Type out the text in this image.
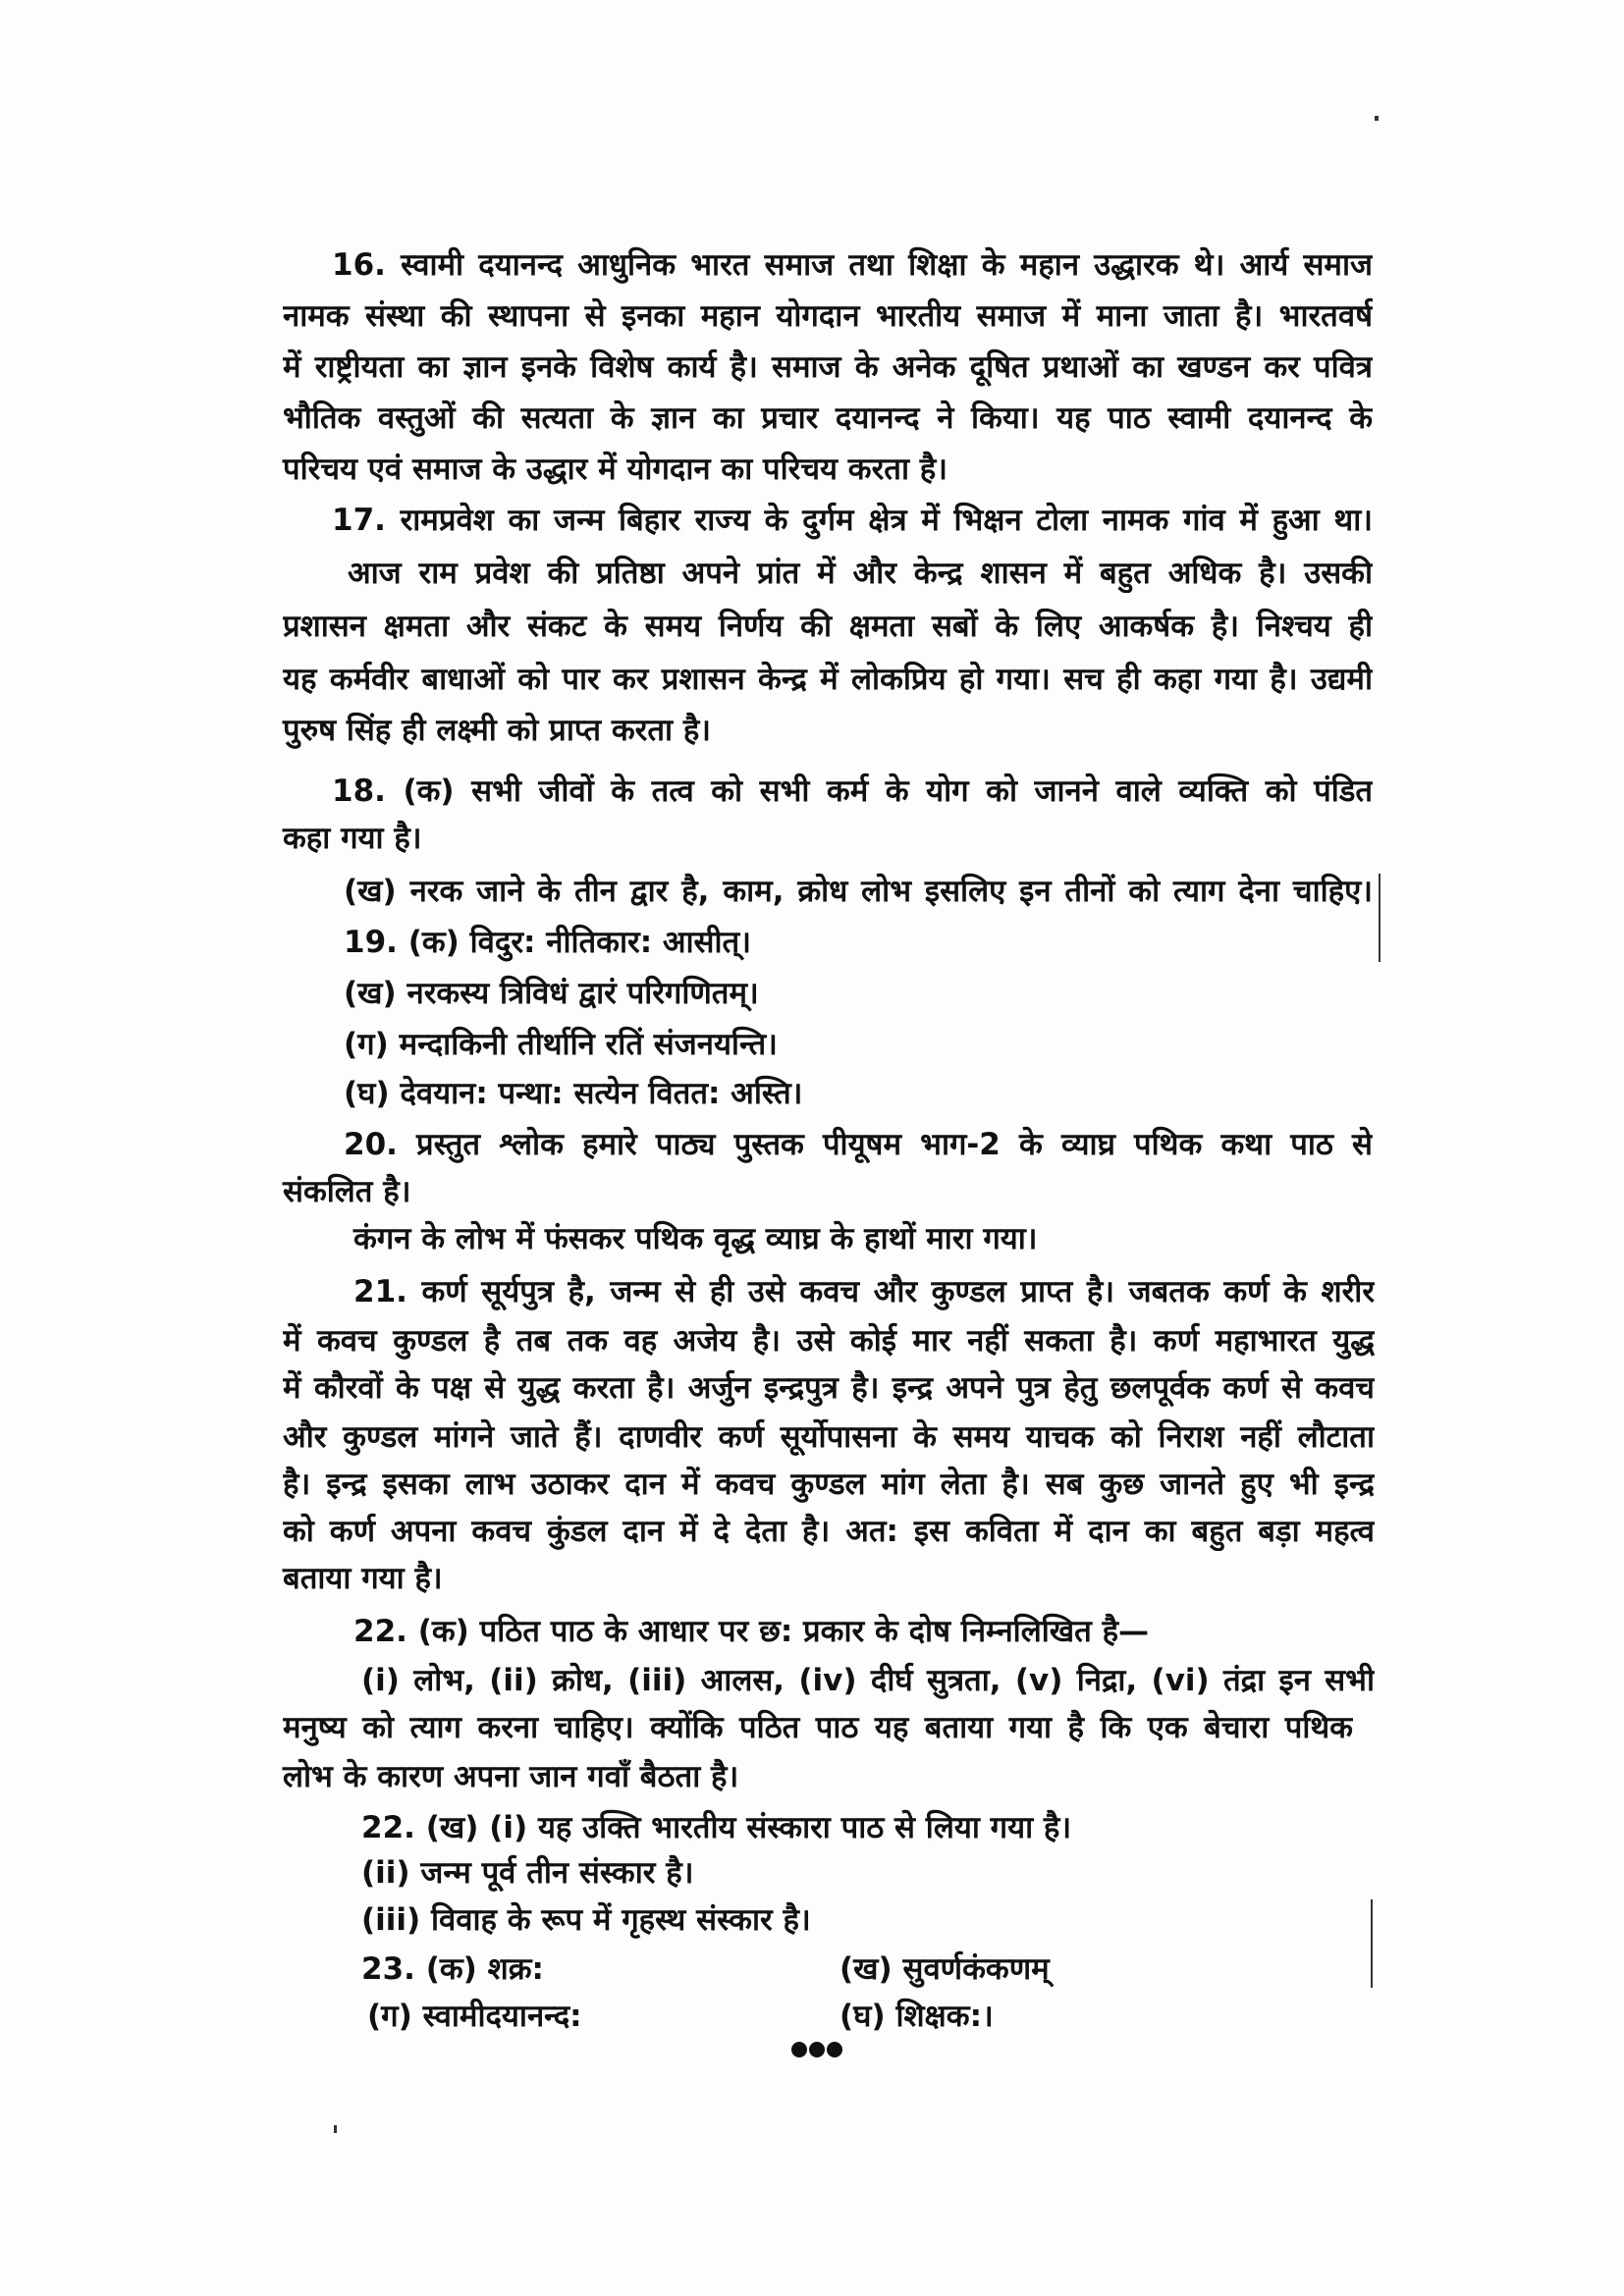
16. स्वामी दयानन्द आधुनिक भारत समाज तथा शिक्षा के महान उद्धारक थे। आर्य समाज
नामक संस्था की स्थापना से इनका महान योगदान भारतीय समाज में माना जाता है। भारतवर्ष
में राष्ट्रीयता का ज्ञान इनके विशेष कार्य है। समाज के अनेक दूषित प्रथाओं का खण्डन कर पवित्र
भौतिक वस्तुओं की सत्यता के ज्ञान का प्रचार दयानन्द ने किया। यह पाठ स्वामी दयानन्द के
परिचय एवं समाज के उद्धार में योगदान का परिचय करता है।
17. रामप्रवेश का जन्म बिहार राज्य के दुर्गम क्षेत्र में भिक्षन टोला नामक गांव में हुआ था।
आज राम प्रवेश की प्रतिष्ठा अपने प्रांत में और केन्द्र शासन में बहुत अधिक है। उसकी
प्रशासन क्षमता और संकट के समय निर्णय की क्षमता सबों के लिए आकर्षक है। निश्चय ही
यह कर्मवीर बाधाओं को पार कर प्रशासन केन्द्र में लोकप्रिय हो गया। सच ही कहा गया है। उद्यमी
पुरुष सिंह ही लक्ष्मी को प्राप्त करता है।
18. (क) सभी जीवों के तत्व को सभी कर्म के योग को जानने वाले व्यक्ति को पंडित
कहा गया है।
(ख) नरक जाने के तीन द्वार है, काम, क्रोध लोभ इसलिए इन तीनों को त्याग देना चाहिए।
19. (क) विदुर: नीतिकार: आसीत्।
(ख) नरकस्य त्रिविधं द्वारं परिगणितम्।
(ग) मन्दाकिनी तीर्थानि रतिं संजनयन्ति।
(घ) देवयान: पन्था: सत्येन वितत: अस्ति।
20. प्रस्तुत श्लोक हमारे पाठ्य पुस्तक पीयूषम भाग-2 के व्याघ्र पथिक कथा पाठ से
संकलित है।
कंगन के लोभ में फंसकर पथिक वृद्ध व्याघ्र के हाथों मारा गया।
21. कर्ण सूर्यपुत्र है, जन्म से ही उसे कवच और कुण्डल प्राप्त है। जबतक कर्ण के शरीर
में कवच कुण्डल है तब तक वह अजेय है। उसे कोई मार नहीं सकता है। कर्ण महाभारत युद्ध
में कौरवों के पक्ष से युद्ध करता है। अर्जुन इन्द्रपुत्र है। इन्द्र अपने पुत्र हेतु छलपूर्वक कर्ण से कवच
और कुण्डल मांगने जाते हैं। दाणवीर कर्ण सूर्योपासना के समय याचक को निराश नहीं लौटाता
है। इन्द्र इसका लाभ उठाकर दान में कवच कुण्डल मांग लेता है। सब कुछ जानते हुए भी इन्द्र
को कर्ण अपना कवच कुंडल दान में दे देता है। अत: इस कविता में दान का बहुत बड़ा महत्व
बताया गया है।
22. (क) पठित पाठ के आधार पर छ: प्रकार के दोष निम्नलिखित है—
(i) लोभ, (ii) क्रोध, (iii) आलस, (iv) दीर्घ सुत्रता, (v) निद्रा, (vi) तंद्रा इन सभी
मनुष्य को त्याग करना चाहिए। क्योंकि पठित पाठ यह बताया गया है कि एक बेचारा पथिक
लोभ के कारण अपना जान गवाँ बैठता है।
22. (ख) (i) यह उक्ति भारतीय संस्कारा पाठ से लिया गया है।
(ii) जन्म पूर्व तीन संस्कार है।
(iii) विवाह के रूप में गृहस्थ संस्कार है।
23. (क) शक्र:	(ख) सुवर्णकंकणम्
(ग) स्वामीदयानन्द:	(घ) शिक्षक:।
